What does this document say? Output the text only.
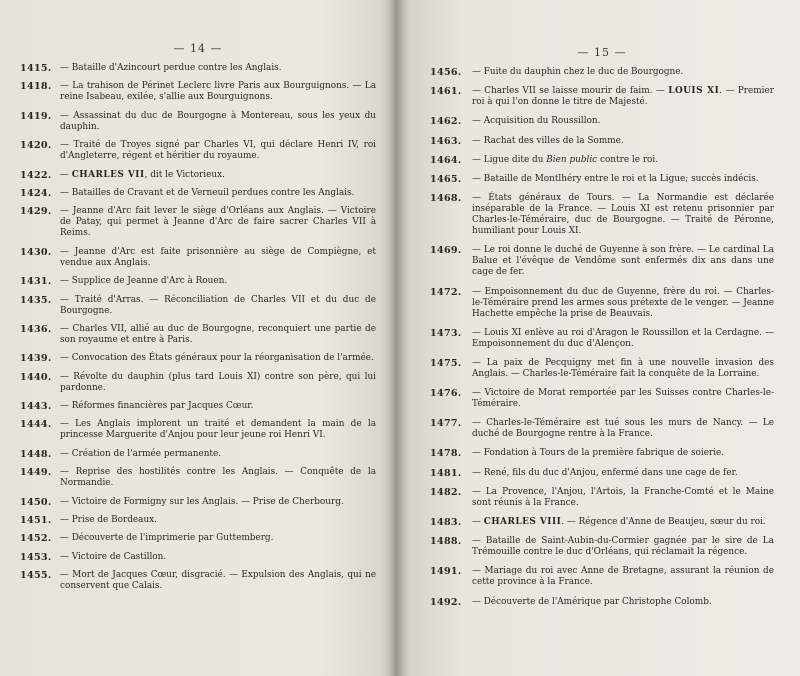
— 14 —
1415. — Bataille d'Azincourt perdue contre les Anglais.
1418. — La trahison de Périnet Leclerc livre Paris aux Bourguignons. — La reine Isabeau, exilée, s'allie aux Bourguignons.
1419. — Assassinat du duc de Bourgogne à Montereau, sous les yeux du dauphin.
1420. — Traité de Troyes signé par Charles VI, qui déclare Henri IV, roi d'Angleterre, régent et héritier du royaume.
1422. — CHARLES VII, dit le Victorieux.
1424. — Batailles de Cravant et de Verneuil perdues contre les Anglais.
1429. — Jeanne d'Arc fait lever le siège d'Orléans aux Anglais. — Victoire de Patay, qui permet à Jeanne d'Arc de faire sacrer Charles VII à Reims.
1430. — Jeanne d'Arc est faite prisonnière au siège de Compiègne, et vendue aux Anglais.
1431. — Supplice de Jeanne d'Arc à Rouen.
1435. — Traité d'Arras. — Réconciliation de Charles VII et du duc de Bourgogne.
1436. — Charles VII, allié au duc de Bourgogne, reconquiert une partie de son royaume et entre à Paris.
1439. — Convocation des États généraux pour la réorganisation de l'armée.
1440. — Révolte du dauphin (plus tard Louis XI) contre son père, qui lui pardonne.
1443. — Réformes financières par Jacques Cœur.
1444. — Les Anglais implorent un traité et demandent la main de la princesse Marguerite d'Anjou pour leur jeune roi Henri VI.
1448. — Création de l'armée permanente.
1449. — Reprise des hostilités contre les Anglais. — Conquête de la Normandie.
1450. — Victoire de Formigny sur les Anglais. — Prise de Cherbourg.
1451. — Prise de Bordeaux.
1452. — Découverte de l'imprimerie par Guttemberg.
1453. — Victoire de Castillon.
1455. — Mort de Jacques Cœur, disgracié. — Expulsion des Anglais, qui ne conservent que Calais.
— 15 —
1456.	— Fuite du dauphin chez le duc de Bourgogne.
1461.	— Charles VII se laisse mourir de faim. — LOUIS XI. — Premier roi à qui l'on donne le titre de Majesté.
1462.	— Acquisition du Roussillon.
1463.	— Rachat des villes de la Somme.
1464.	— Ligue dite du Bien public contre le roi.
1465.	— Bataille de Montlhéry entre le roi et la Ligue; succès indécis.
1468.	— États généraux de Tours. — La Normandie est déclarée inséparable de la France. — Louis XI est retenu prisonnier par Charles-le-Téméraire, duc de Bourgogne. — Traité de Péronne, humiliant pour Louis XI.
1469.	— Le roi donne le duché de Guyenne à son frère. — Le cardinal La Balue et l'évêque de Vendôme sont enfermés dix ans dans une cage de fer.
1472.	— Empoisonnement du duc de Guyenne, frère du roi. — Charles-le-Téméraire prend les armes sous prétexte de le venger. — Jeanne Hachette empêche la prise de Beauvais.
1473.	— Louis XI enlève au roi d'Aragon le Roussillon et la Cerdagne. — Empoisonnement du duc d'Alençon.
1475.	— La paix de Pecquigny met fin à une nouvelle invasion des Anglais. — Charles-le-Téméraire fait la conquête de la Lorraine.
1476.	— Victoire de Morat remportée par les Suisses contre Charles-le-Téméraire.
1477.	— Charles-le-Téméraire est tué sous les murs de Nancy. — Le duché de Bourgogne rentre à la France.
1478.	— Fondation à Tours de la première fabrique de soierie.
1481.	— René, fils du duc d'Anjou, enfermé dans une cage de fer.
1482.	— La Provence, l'Anjou, l'Artois, la Franche-Comté et le Maine sont réunis à la France.
1483.	— CHARLES VIII. — Régence d'Anne de Beaujeu, sœur du roi.
1488.	— Bataille de Saint-Aubin-du-Cormier gagnée par le sire de La Trémouille contre le duc d'Orléans, qui réclamait la régence.
1491.	— Mariage du roi avec Anne de Bretagne, assurant la réunion de cette province à la France.
1492.	— Découverte de l'Amérique par Christophe Colomb.
